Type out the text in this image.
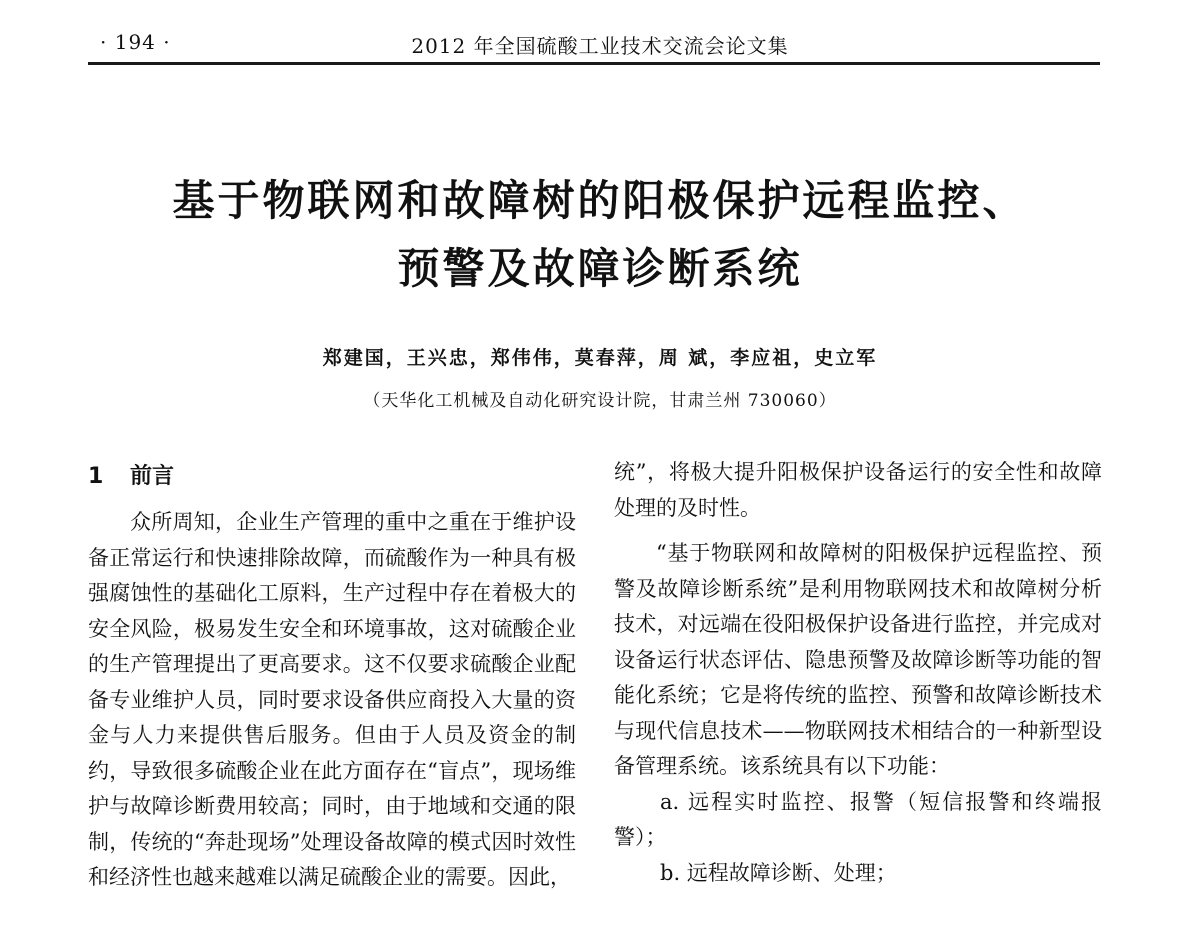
· 194 ·	2012 年全国硫酸工业技术交流会论文集
基于物联网和故障树的阳极保护远程监控、
预警及故障诊断系统
郑建国，王兴忠，郑伟伟，莫春萍，周 斌，李应祖，史立军
（天华化工机械及自动化研究设计院，甘肃兰州 730060）
1 前言

众所周知，企业生产管理的重中之重在于维护设备正常运行和快速排除故障，而硫酸作为一种具有极强腐蚀性的基础化工原料，生产过程中存在着极大的安全风险，极易发生安全和环境事故，这对硫酸企业的生产管理提出了更高要求。这不仅要求硫酸企业配备专业维护人员，同时要求设备供应商投入大量的资金与人力来提供售后服务。但由于人员及资金的制约，导致很多硫酸企业在此方面存在“盲点”，现场维护与故障诊断费用较高；同时，由于地域和交通的限制，传统的“奔赴现场”处理设备故障的模式因时效性和经济性也越来越难以满足硫酸企业的需要。因此，

统”，将极大提升阳极保护设备运行的安全性和故障处理的及时性。

“基于物联网和故障树的阳极保护远程监控、预警及故障诊断系统”是利用物联网技术和故障树分析技术，对远端在役阳极保护设备进行监控，并完成对设备运行状态评估、隐患预警及故障诊断等功能的智能化系统；它是将传统的监控、预警和故障诊断技术与现代信息技术——物联网技术相结合的一种新型设备管理系统。该系统具有以下功能：

a. 远程实时监控、报警（短信报警和终端报警）；

b. 远程故障诊断、处理；
